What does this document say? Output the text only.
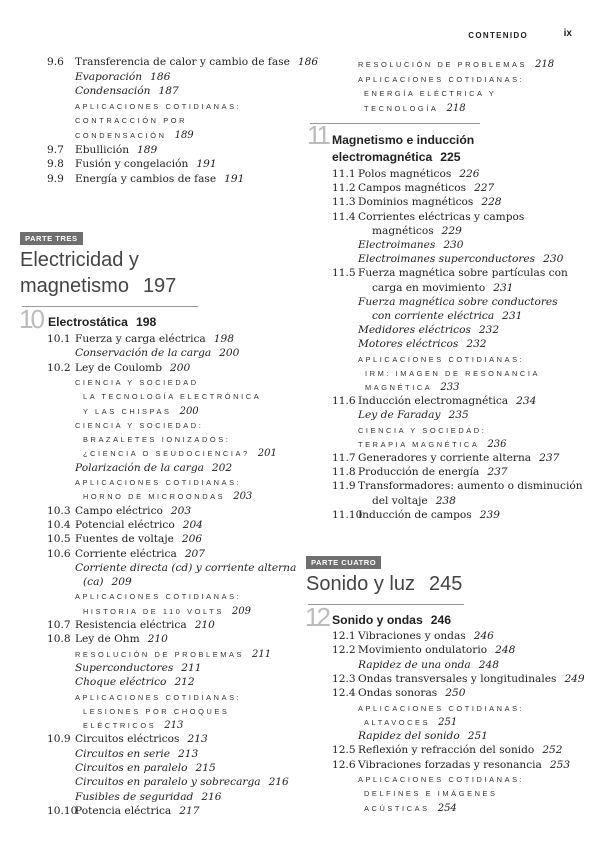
CONTENIDO	ix
9.6 Transferencia de calor y cambio de fase 186
Evaporación 186
Condensación 187
APLICACIONES COTIDIANAS:
CONTRACCIÓN POR
CONDENSACIÓN 189
9.7 Ebullición 189
9.8 Fusión y congelación 191
9.9 Energía y cambios de fase 191
PARTE TRES
Electricidad y
magnetismo 197
10 Electrostática 198
10.1 Fuerza y carga eléctrica 198
Conservación de la carga 200
10.2 Ley de Coulomb 200
CIENCIA Y SOCIEDAD
LA TECNOLOGÍA ELECTRÓNICA
Y LAS CHISPAS 200
CIENCIA Y SOCIEDAD:
BRAZALETES IONIZADOS:
¿CIENCIA O SEUDOCIENCIA? 201
Polarización de la carga 202
APLICACIONES COTIDIANAS:
HORNO DE MICROONDAS 203
10.3 Campo eléctrico 203
10.4 Potencial eléctrico 204
10.5 Fuentes de voltaje 206
10.6 Corriente eléctrica 207
Corriente directa (cd) y corriente alterna
(ca) 209
APLICACIONES COTIDIANAS:
HISTORIA DE 110 VOLTS 209
10.7 Resistencia eléctrica 210
10.8 Ley de Ohm 210
RESOLUCIÓN DE PROBLEMAS 211
Superconductores 211
Choque eléctrico 212
APLICACIONES COTIDIANAS:
LESIONES POR CHOQUES
ELÉCTRICOS 213
10.9 Circuitos eléctricos 213
Circuitos en serie 213
Circuitos en paralelo 215
Circuitos en paralelo y sobrecarga 216
Fusibles de seguridad 216
10.10
Potencia eléctrica 217
RESOLUCIÓN DE PROBLEMAS 218
APLICACIONES COTIDIANAS:
ENERGÍA ELÉCTRICA Y
TECNOLOGÍA 218
11 Magnetismo e inducción
electromagnética 225
11.1 Polos magnéticos 226
11.2 Campos magnéticos 227
11.3 Dominios magnéticos 228
11.4 Corrientes eléctricas y campos
magnéticos 229
Electroimanes 230
Electroimanes superconductores 230
11.5 Fuerza magnética sobre partículas con
carga en movimiento 231
Fuerza magnética sobre conductores
con corriente eléctrica 231
Medidores eléctricos 232
Motores eléctricos 232
APLICACIONES COTIDIANAS:
IRM: IMAGEN DE RESONANCIA
MAGNÉTICA 233
11.6 Inducción electromagnética 234
Ley de Faraday 235
CIENCIA Y SOCIEDAD:
TERAPIA MAGNÉTICA 236
11.7 Generadores y corriente alterna 237
11.8 Producción de energía 237
11.9 Transformadores: aumento o disminución
del voltaje 238
11.10
Inducción de campos 239
PARTE CUATRO
Sonido y luz 245
12 Sonido y ondas 246
12.1 Vibraciones y ondas 246
12.2 Movimiento ondulatorio 248
Rapidez de una onda 248
12.3 Ondas transversales y longitudinales 249
12.4 Ondas sonoras 250
APLICACIONES COTIDIANAS:
ALTAVOCES 251
Rapidez del sonido 251
12.5 Reflexión y refracción del sonido 252
12.6 Vibraciones forzadas y resonancia 253
APLICACIONES COTIDIANAS:
DELFINES E IMÁGENES
ACÚSTICAS 254
